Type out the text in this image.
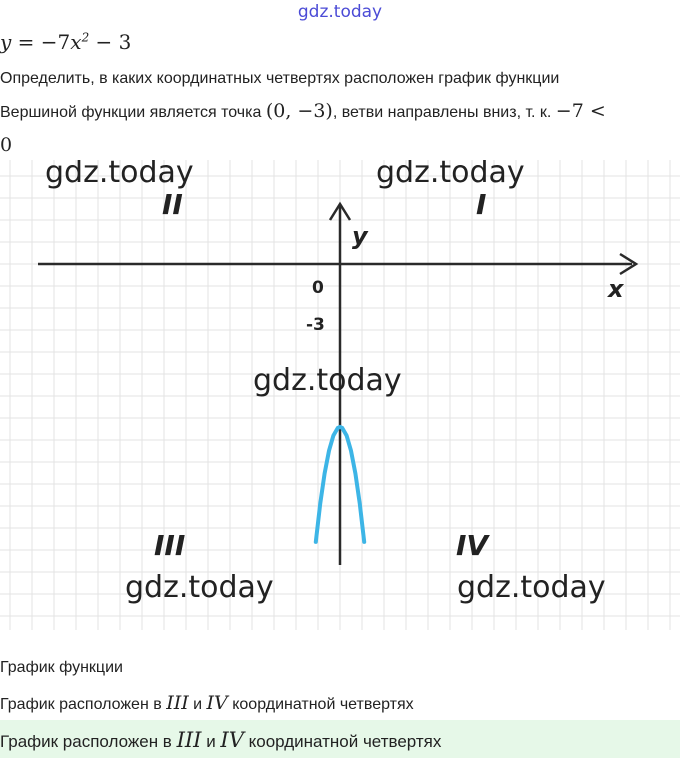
gdz.today
$y = -7x^2 - 3$
Определить, в каких координатных четвертях расположен график функции
Вершиной функции является точка (0, −3), ветви направлены вниз, т. к. −7 <
0
y
x
0
-3
I
II
III	IV
gdz.today	gdz.today
gdz.today
gdz.today	gdz.today
График функции
График расположен в III и IV координатной четвертях
График расположен в III и IV координатной четвертях
